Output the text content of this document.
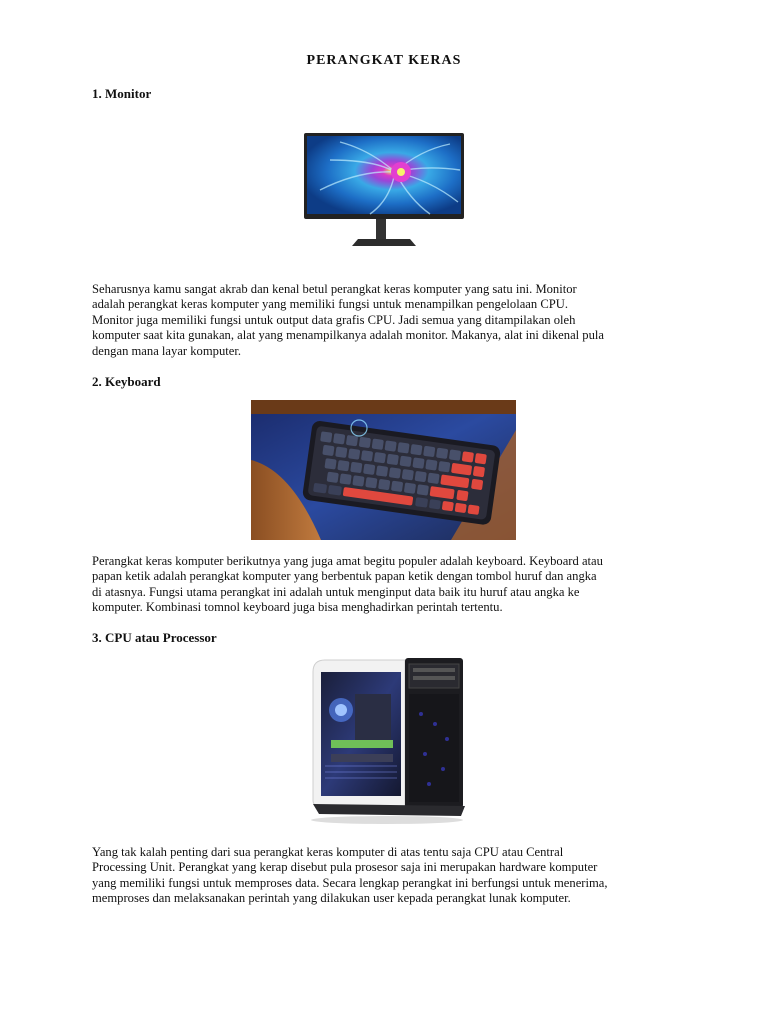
PERANGKAT KERAS
1. Monitor

Seharusnya kamu sangat akrab dan kenal betul perangkat keras komputer yang satu ini. Monitor
adalah perangkat keras komputer yang memiliki fungsi untuk menampilkan pengelolaan CPU.
Monitor juga memiliki fungsi untuk output data grafis CPU. Jadi semua yang ditampilakan oleh
komputer saat kita gunakan, alat yang menampilkanya adalah monitor. Makanya, alat ini dikenal pula
dengan mana layar komputer.

2. Keyboard

Perangkat keras komputer berikutnya yang juga amat begitu populer adalah keyboard. Keyboard atau
papan ketik adalah perangkat komputer yang berbentuk papan ketik dengan tombol huruf dan angka
di atasnya. Fungsi utama perangkat ini adalah untuk menginput data baik itu huruf atau angka ke
komputer. Kombinasi tomnol keyboard juga bisa menghadirkan perintah tertentu.

3. CPU atau Processor

Yang tak kalah penting dari sua perangkat keras komputer di atas tentu saja CPU atau Central
Processing Unit. Perangkat yang kerap disebut pula prosesor saja ini merupakan hardware komputer
yang memiliki fungsi untuk memproses data. Secara lengkap perangkat ini berfungsi untuk menerima,
memproses dan melaksanakan perintah yang dilakukan user kepada perangkat lunak komputer.
